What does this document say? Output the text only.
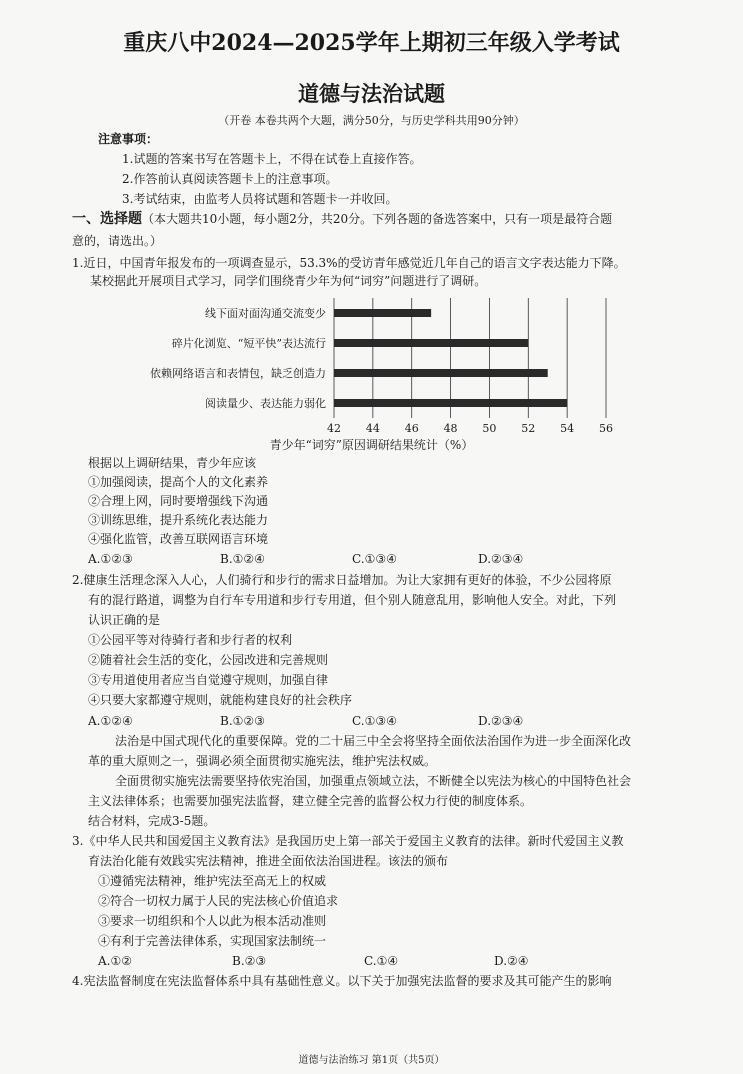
重庆八中2024—2025学年上期初三年级入学考试
道德与法治试题
（开卷 本卷共两个大题，满分50分，与历史学科共用90分钟）
注意事项：
1.试题的答案书写在答题卡上，不得在试卷上直接作答。
2.作答前认真阅读答题卡上的注意事项。
3.考试结束，由监考人员将试题和答题卡一并收回。
一、选择题（本大题共10小题，每小题2分，共20分。下列各题的备选答案中，只有一项是最符合题
意的，请选出。）
1.近日，中国青年报发布的一项调查显示，53.3%的受访青年感觉近几年自己的语言文字表达能力下降。
某校据此开展项目式学习，同学们围绕青少年为何“词穷”问题进行了调研。
42 44 46 48 50 52 54 56
线下面对面沟通交流变少
碎片化浏览、“短平快”表达流行
依赖网络语言和表情包，缺乏创造力
阅读量少、表达能力弱化
青少年“词穷”原因调研结果统计（%）
根据以上调研结果，青少年应该
①加强阅读，提高个人的文化素养
②合理上网，同时要增强线下沟通
③训练思维，提升系统化表达能力
④强化监管，改善互联网语言环境
A.①②③	B.①②④	C.①③④	D.②③④
2.健康生活理念深入人心，人们骑行和步行的需求日益增加。为让大家拥有更好的体验，不少公园将原
有的混行路道，调整为自行车专用道和步行专用道，但个别人随意乱用，影响他人安全。对此，下列
认识正确的是
①公园平等对待骑行者和步行者的权利
②随着社会生活的变化，公园改进和完善规则
③专用道使用者应当自觉遵守规则，加强自律
④只要大家都遵守规则，就能构建良好的社会秩序
A.①②④	B.①②③	C.①③④	D.②③④
法治是中国式现代化的重要保障。党的二十届三中全会将坚持全面依法治国作为进一步全面深化改
革的重大原则之一，强调必须全面贯彻实施宪法，维护宪法权威。
全面贯彻实施宪法需要坚持依宪治国，加强重点领域立法，不断健全以宪法为核心的中国特色社会
主义法律体系；也需要加强宪法监督，建立健全完善的监督公权力行使的制度体系。
结合材料，完成3-5题。
3.《中华人民共和国爱国主义教育法》是我国历史上第一部关于爱国主义教育的法律。新时代爱国主义教
育法治化能有效践实宪法精神，推进全面依法治国进程。该法的颁布
①遵循宪法精神，维护宪法至高无上的权威
②符合一切权力属于人民的宪法核心价值追求
③要求一切组织和个人以此为根本活动准则
④有利于完善法律体系，实现国家法制统一
A.①②	B.②③	C.①④	D.②④
4.宪法监督制度在宪法监督体系中具有基础性意义。以下关于加强宪法监督的要求及其可能产生的影响
道德与法治练习 第1页（共5页）
